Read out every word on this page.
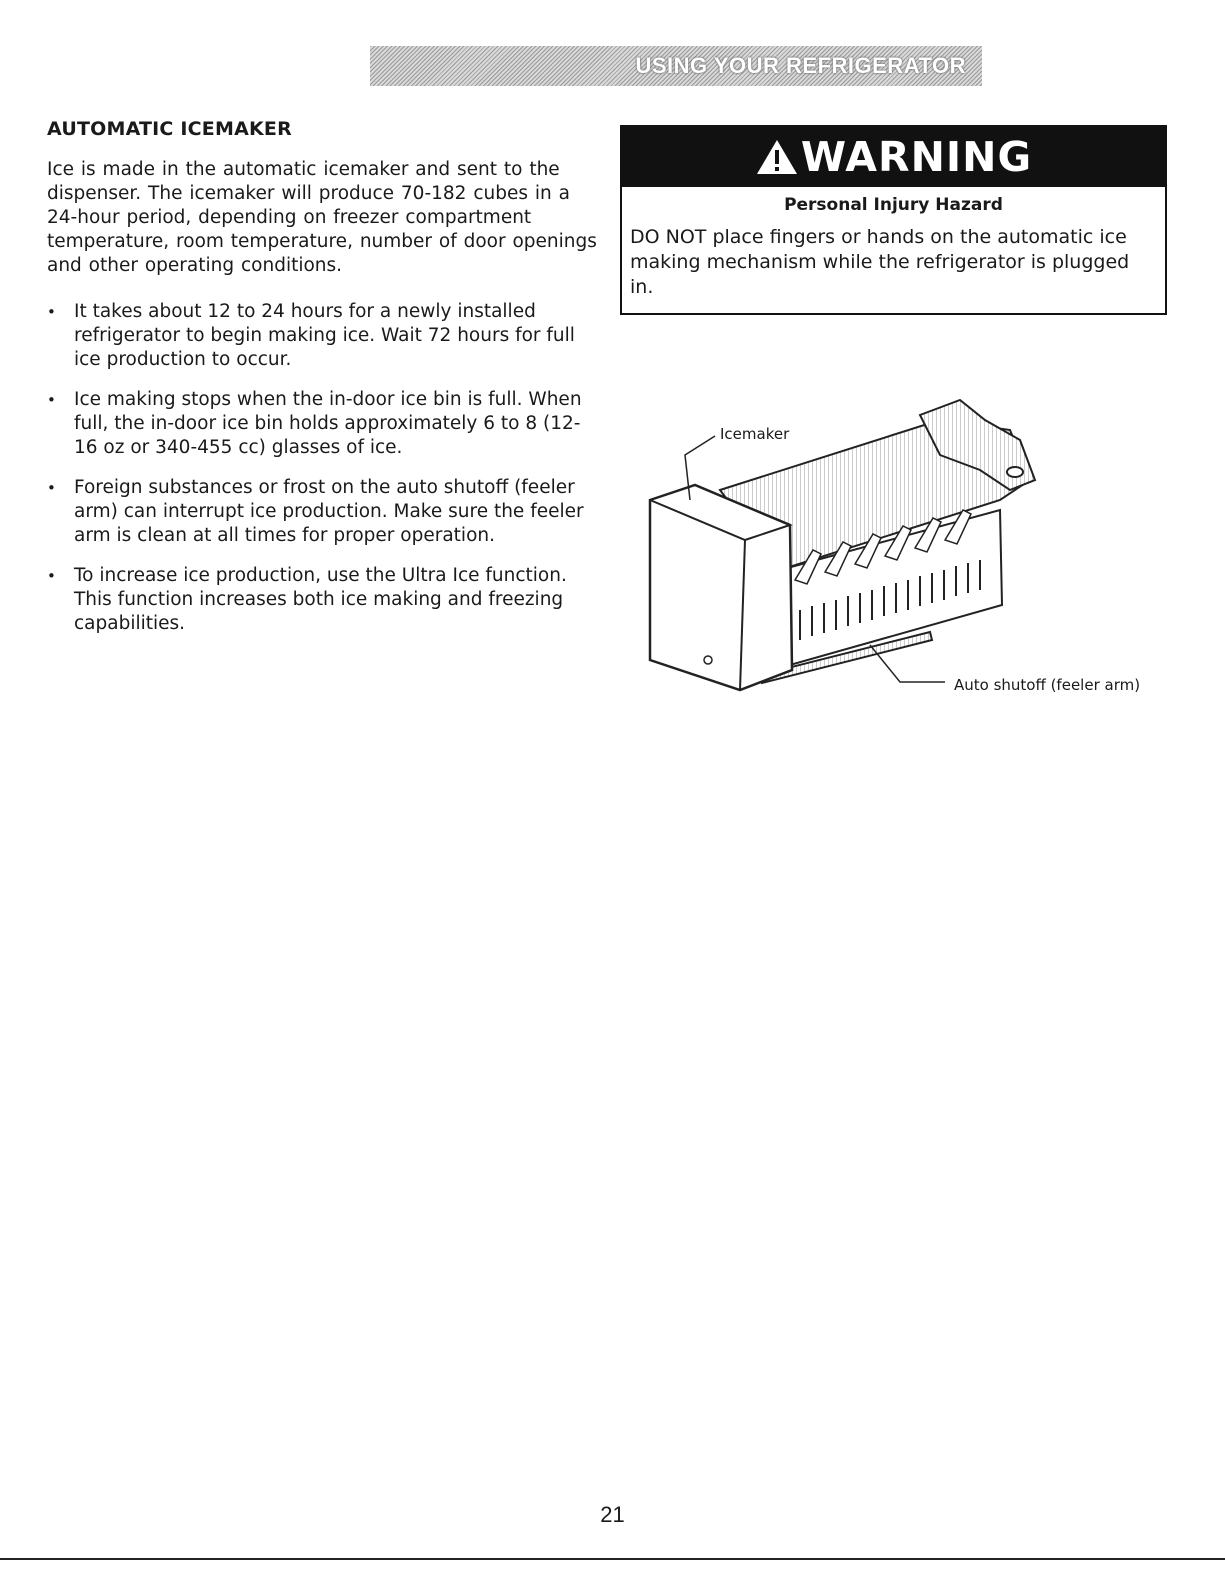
USING YOUR REFRIGERATOR
AUTOMATIC ICEMAKER

Ice is made in the automatic icemaker and sent to the dispenser. The icemaker will produce 70-182 cubes in a 24-hour period, depending on freezer compartment temperature, room temperature, number of door openings and other operating conditions.

• It takes about 12 to 24 hours for a newly installed refrigerator to begin making ice. Wait 72 hours for full ice production to occur.
• Ice making stops when the in-door ice bin is full. When full, the in-door ice bin holds approximately 6 to 8 (12-16 oz or 340-455 cc) glasses of ice.
• Foreign substances or frost on the auto shutoff (feeler arm) can interrupt ice production. Make sure the feeler arm is clean at all times for proper operation.
• To increase ice production, use the Ultra Ice function. This function increases both ice making and freezing capabilities.
WARNING
Personal Injury Hazard

DO NOT place fingers or hands on the automatic ice making mechanism while the refrigerator is plugged in.

Icemaker
Auto shutoff (feeler arm)
21
